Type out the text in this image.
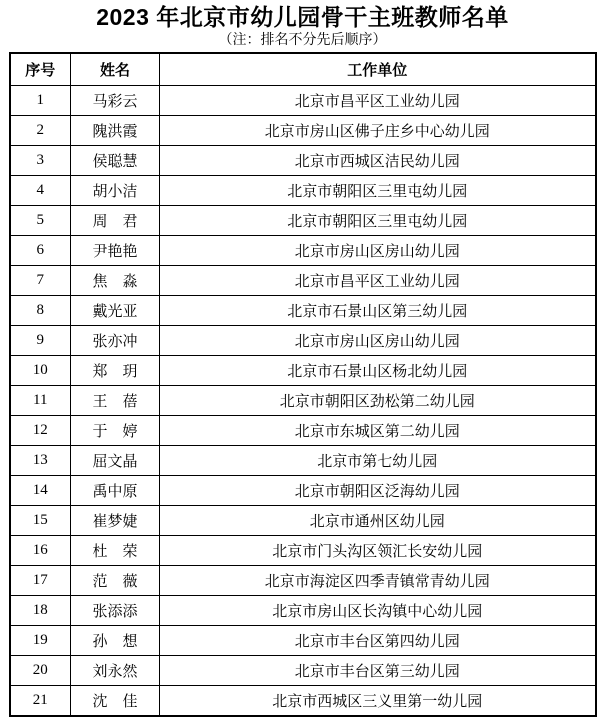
2023 年北京市幼儿园骨干主班教师名单
（注：排名不分先后顺序）
序号	姓名	工作单位
1	马彩云	北京市昌平区工业幼儿园
2	隗洪霞	北京市房山区佛子庄乡中心幼儿园
3	侯聪慧	北京市西城区洁民幼儿园
4	胡小洁	北京市朝阳区三里屯幼儿园
5	周　君	北京市朝阳区三里屯幼儿园
6	尹艳艳	北京市房山区房山幼儿园
7	焦　淼	北京市昌平区工业幼儿园
8	戴光亚	北京市石景山区第三幼儿园
9	张亦冲	北京市房山区房山幼儿园
10	郑　玥	北京市石景山区杨北幼儿园
11	王　蓓	北京市朝阳区劲松第二幼儿园
12	于　婷	北京市东城区第二幼儿园
13	屈文晶	北京市第七幼儿园
14	禹中原	北京市朝阳区泛海幼儿园
15	崔梦婕	北京市通州区幼儿园
16	杜　荣	北京市门头沟区领汇长安幼儿园
17	范　薇	北京市海淀区四季青镇常青幼儿园
18	张添添	北京市房山区长沟镇中心幼儿园
19	孙　想	北京市丰台区第四幼儿园
20	刘永然	北京市丰台区第三幼儿园
21	沈　佳	北京市西城区三义里第一幼儿园
